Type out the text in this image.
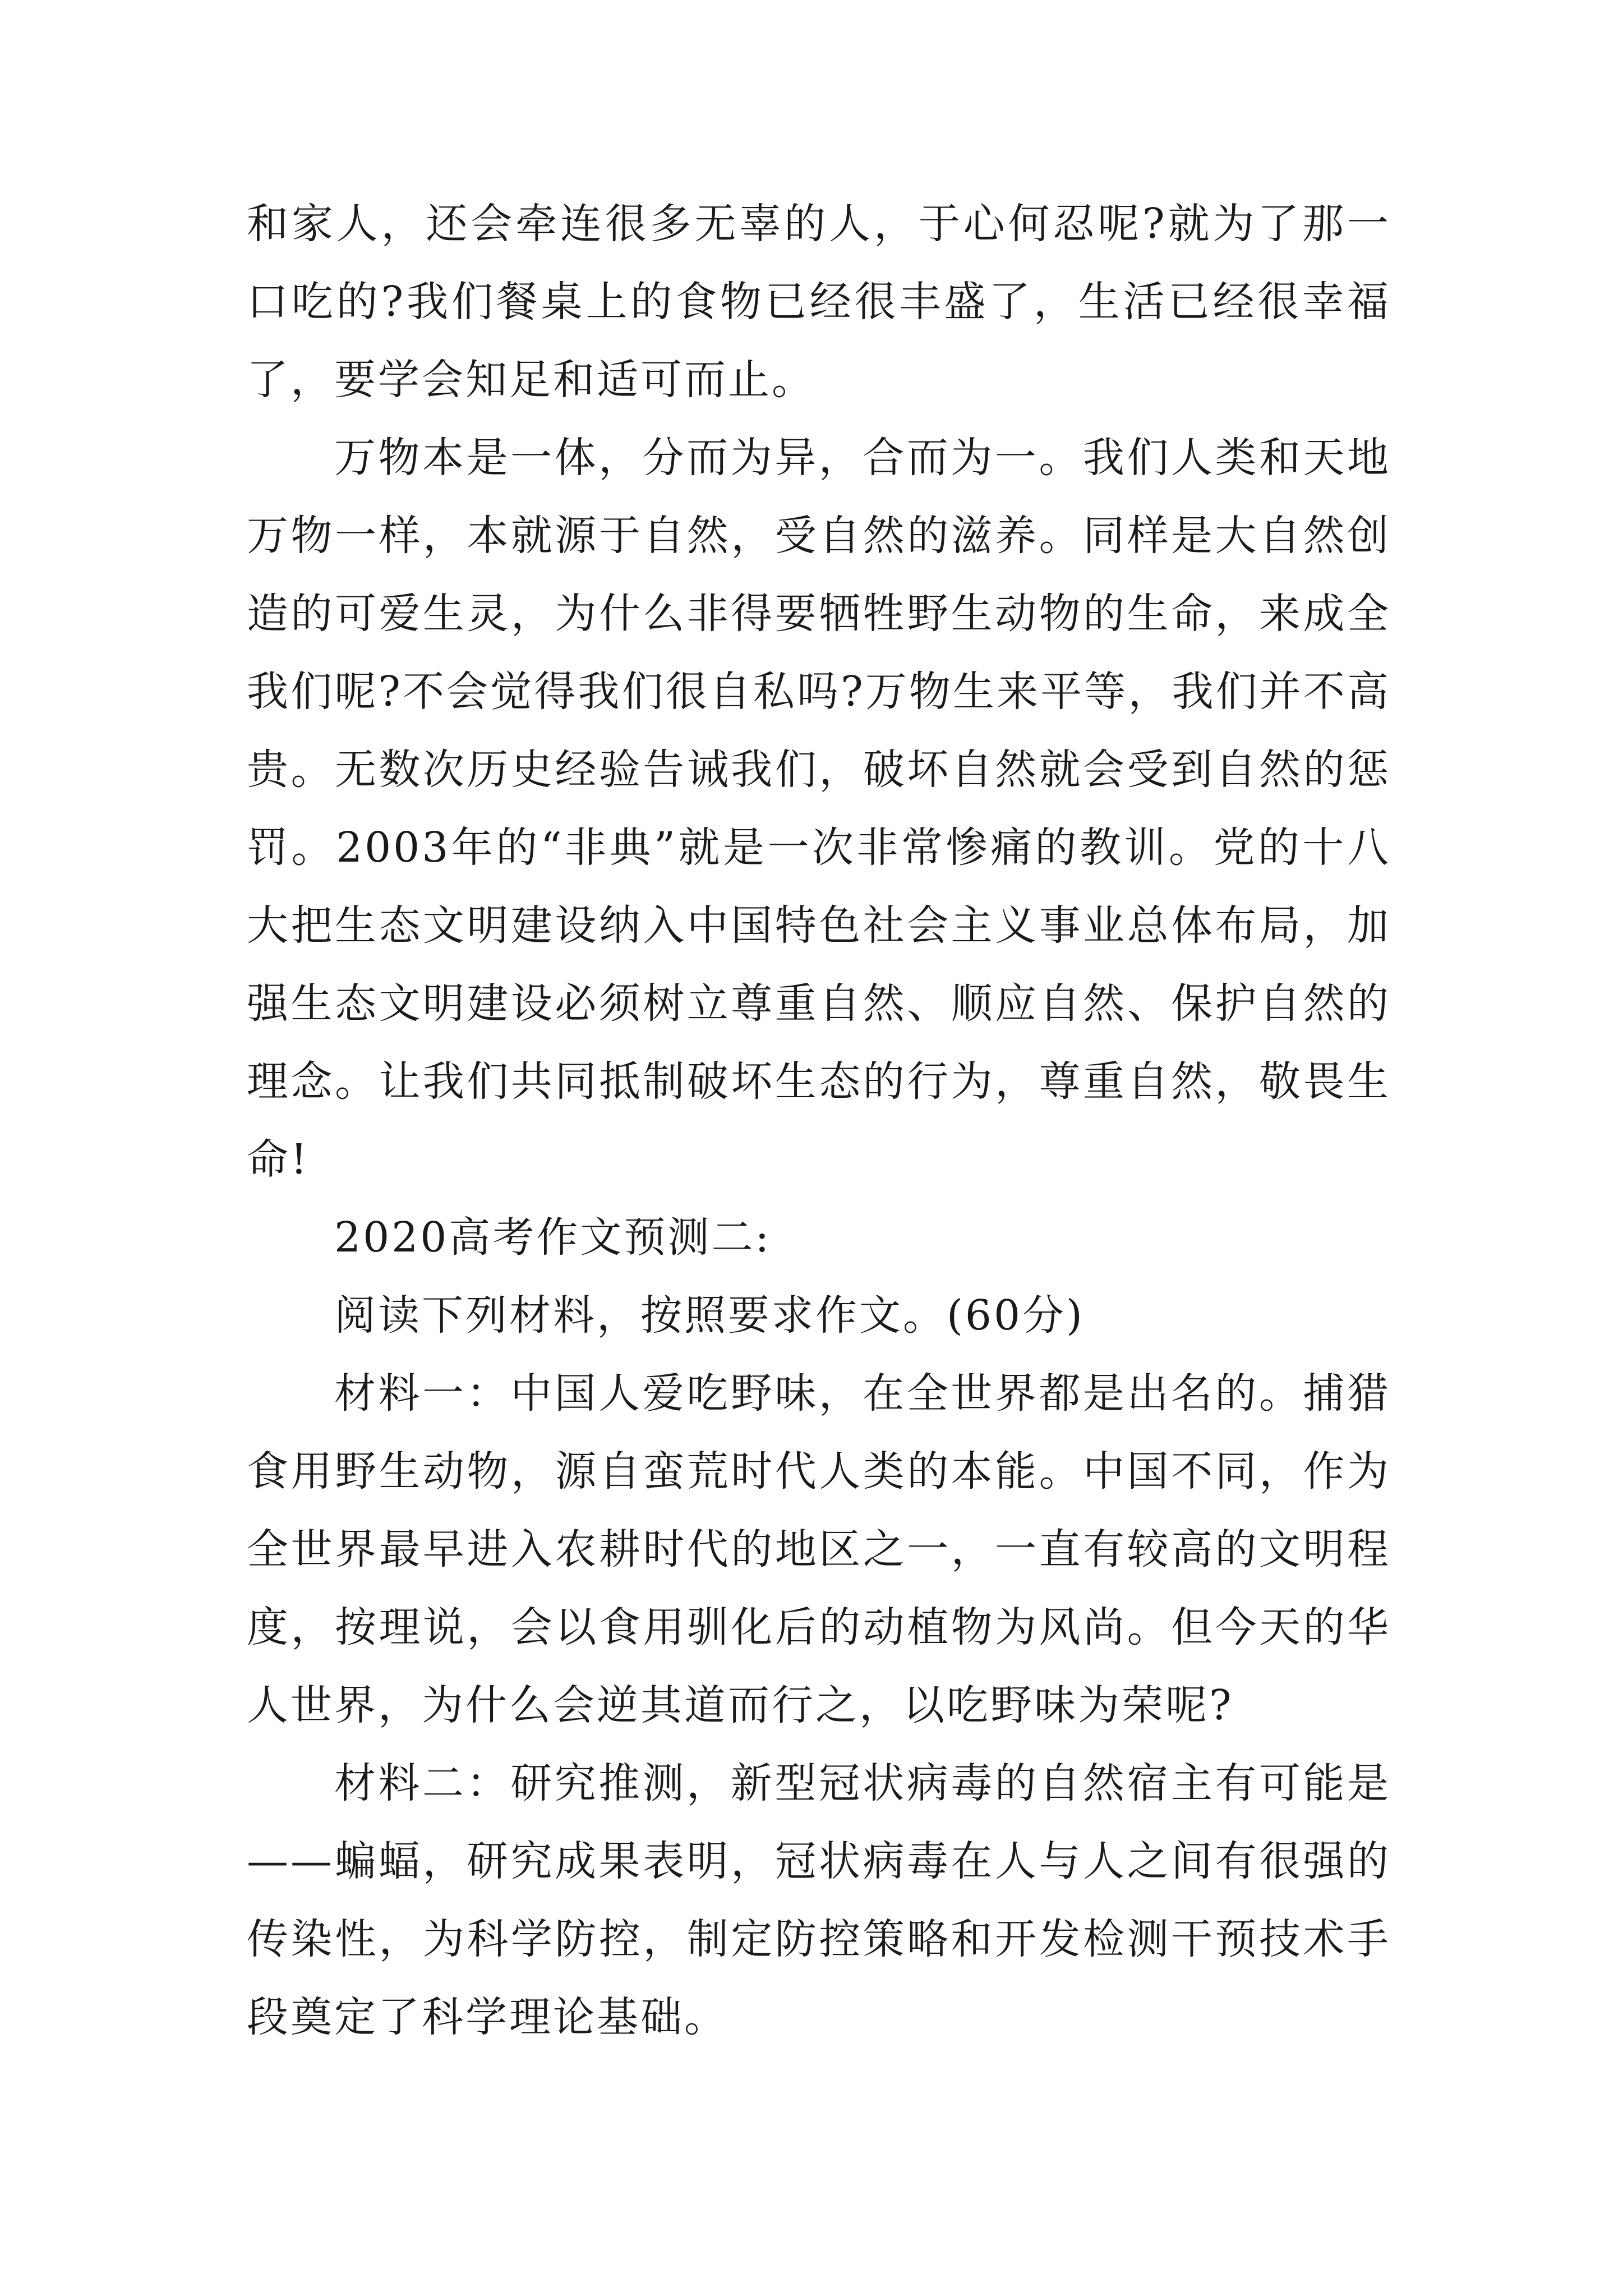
和家人，还会牵连很多无辜的人，于心何忍呢?就为了那一口吃的?我们餐桌上的食物已经很丰盛了，生活已经很幸福了，要学会知足和适可而止。

万物本是一体，分而为异，合而为一。我们人类和天地万物一样，本就源于自然，受自然的滋养。同样是大自然创造的可爱生灵，为什么非得要牺牲野生动物的生命，来成全我们呢?不会觉得我们很自私吗?万物生来平等，我们并不高贵。无数次历史经验告诫我们，破坏自然就会受到自然的惩罚。2003年的“非典”就是一次非常惨痛的教训。党的十八大把生态文明建设纳入中国特色社会主义事业总体布局，加强生态文明建设必须树立尊重自然、顺应自然、保护自然的理念。让我们共同抵制破坏生态的行为，尊重自然，敬畏生命!

2020高考作文预测二:

阅读下列材料，按照要求作文。(60分)

材料一：中国人爱吃野味，在全世界都是出名的。捕猎食用野生动物，源自蛮荒时代人类的本能。中国不同，作为全世界最早进入农耕时代的地区之一，一直有较高的文明程度，按理说，会以食用驯化后的动植物为风尚。但今天的华人世界，为什么会逆其道而行之，以吃野味为荣呢?

材料二：研究推测，新型冠状病毒的自然宿主有可能是——蝙蝠，研究成果表明，冠状病毒在人与人之间有很强的传染性，为科学防控，制定防控策略和开发检测干预技术手段奠定了科学理论基础。
